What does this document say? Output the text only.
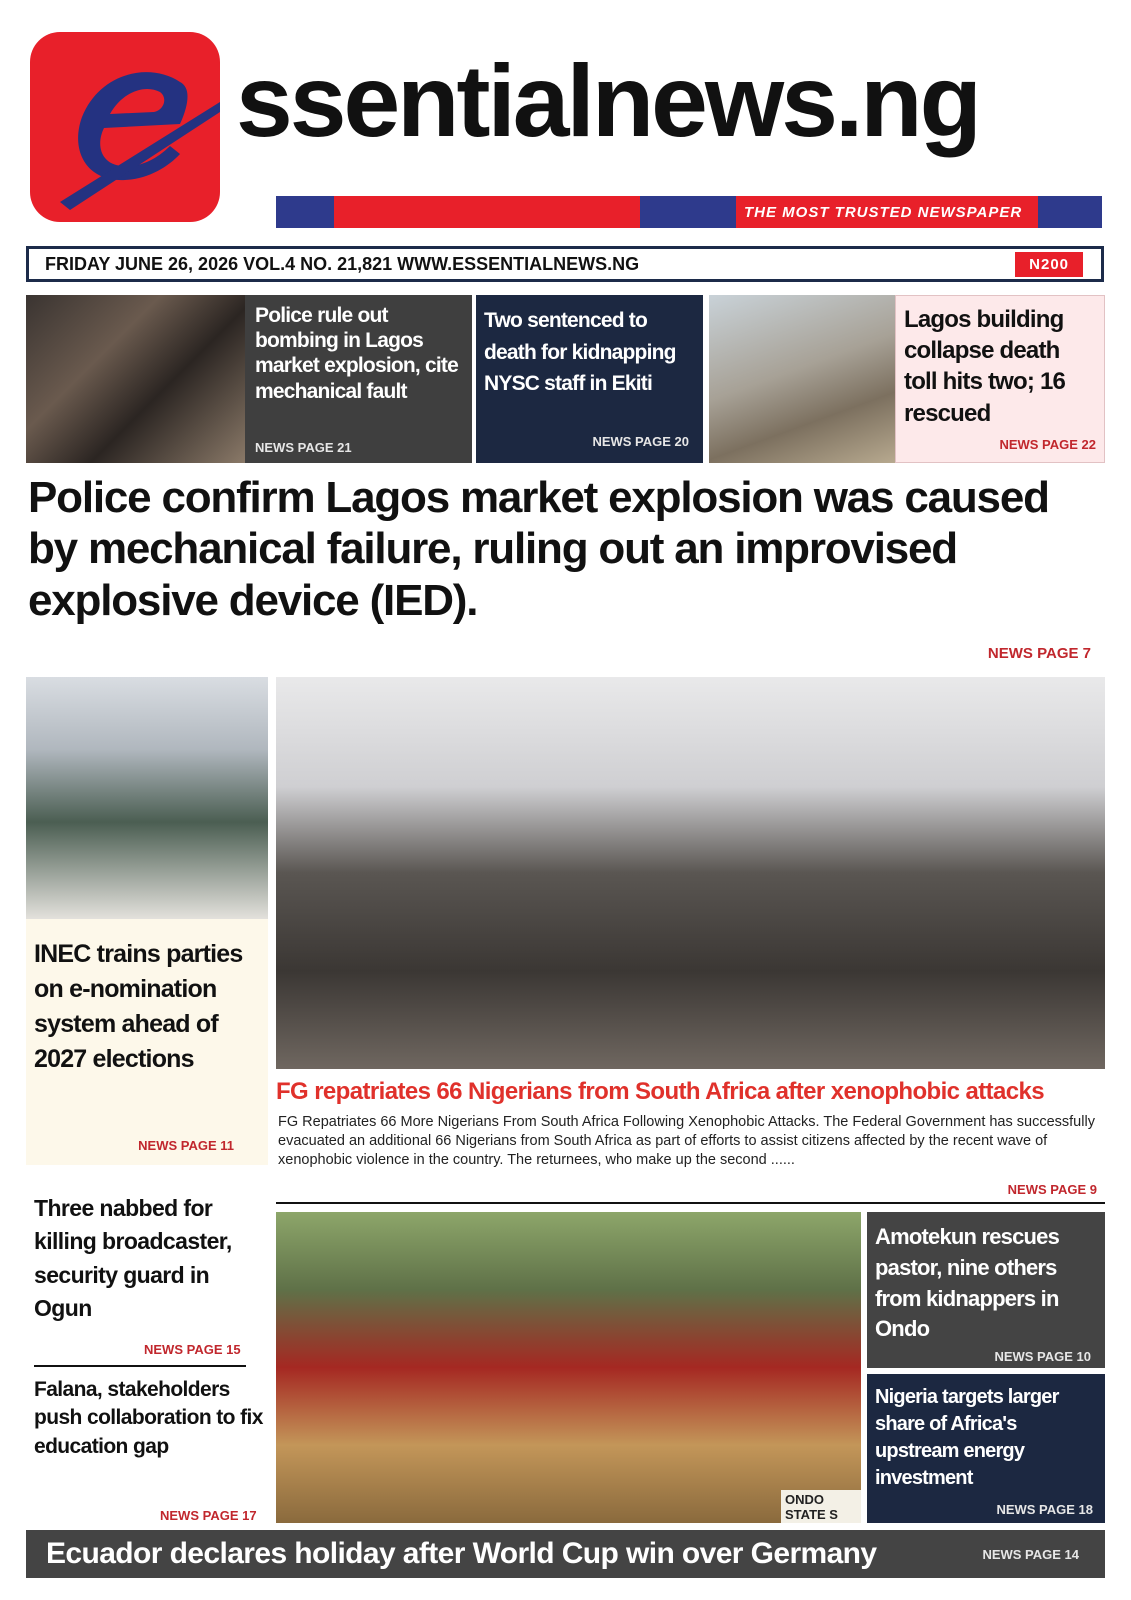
ssentialnews.ng
THE MOST TRUSTED NEWSPAPER
FRIDAY JUNE 26, 2026 VOL.4 NO. 21,821 WWW.ESSENTIALNEWS.NG	N200
Police rule out bombing in Lagos market explosion, cite mechanical fault
NEWS PAGE 21
Two sentenced to death for kidnapping NYSC staff in Ekiti
NEWS PAGE 20
Lagos building collapse death toll hits two; 16 rescued
NEWS PAGE 22
Police confirm Lagos market explosion was caused by mechanical failure, ruling out an improvised explosive device (IED).
NEWS PAGE 7
INEC trains parties on e-nomination system ahead of 2027 elections
NEWS PAGE 11
FG repatriates 66 Nigerians from South Africa after xenophobic attacks
FG Repatriates 66 More Nigerians From South Africa Following Xenophobic Attacks. The Federal Government has successfully evacuated an additional 66 Nigerians from South Africa as part of efforts to assist citizens affected by the recent wave of xenophobic violence in the country. The returnees, who make up the second ......
NEWS PAGE 9
Three nabbed for killing broadcaster, security guard in Ogun
NEWS PAGE 15
Falana, stakeholders push collaboration to fix education gap
NEWS PAGE 17
ONDO STATE S
Amotekun rescues pastor, nine others from kidnappers in Ondo
NEWS PAGE 10
Nigeria targets larger share of Africa's upstream energy investment
NEWS PAGE 18
Ecuador declares holiday after World Cup win over Germany	NEWS PAGE 14
